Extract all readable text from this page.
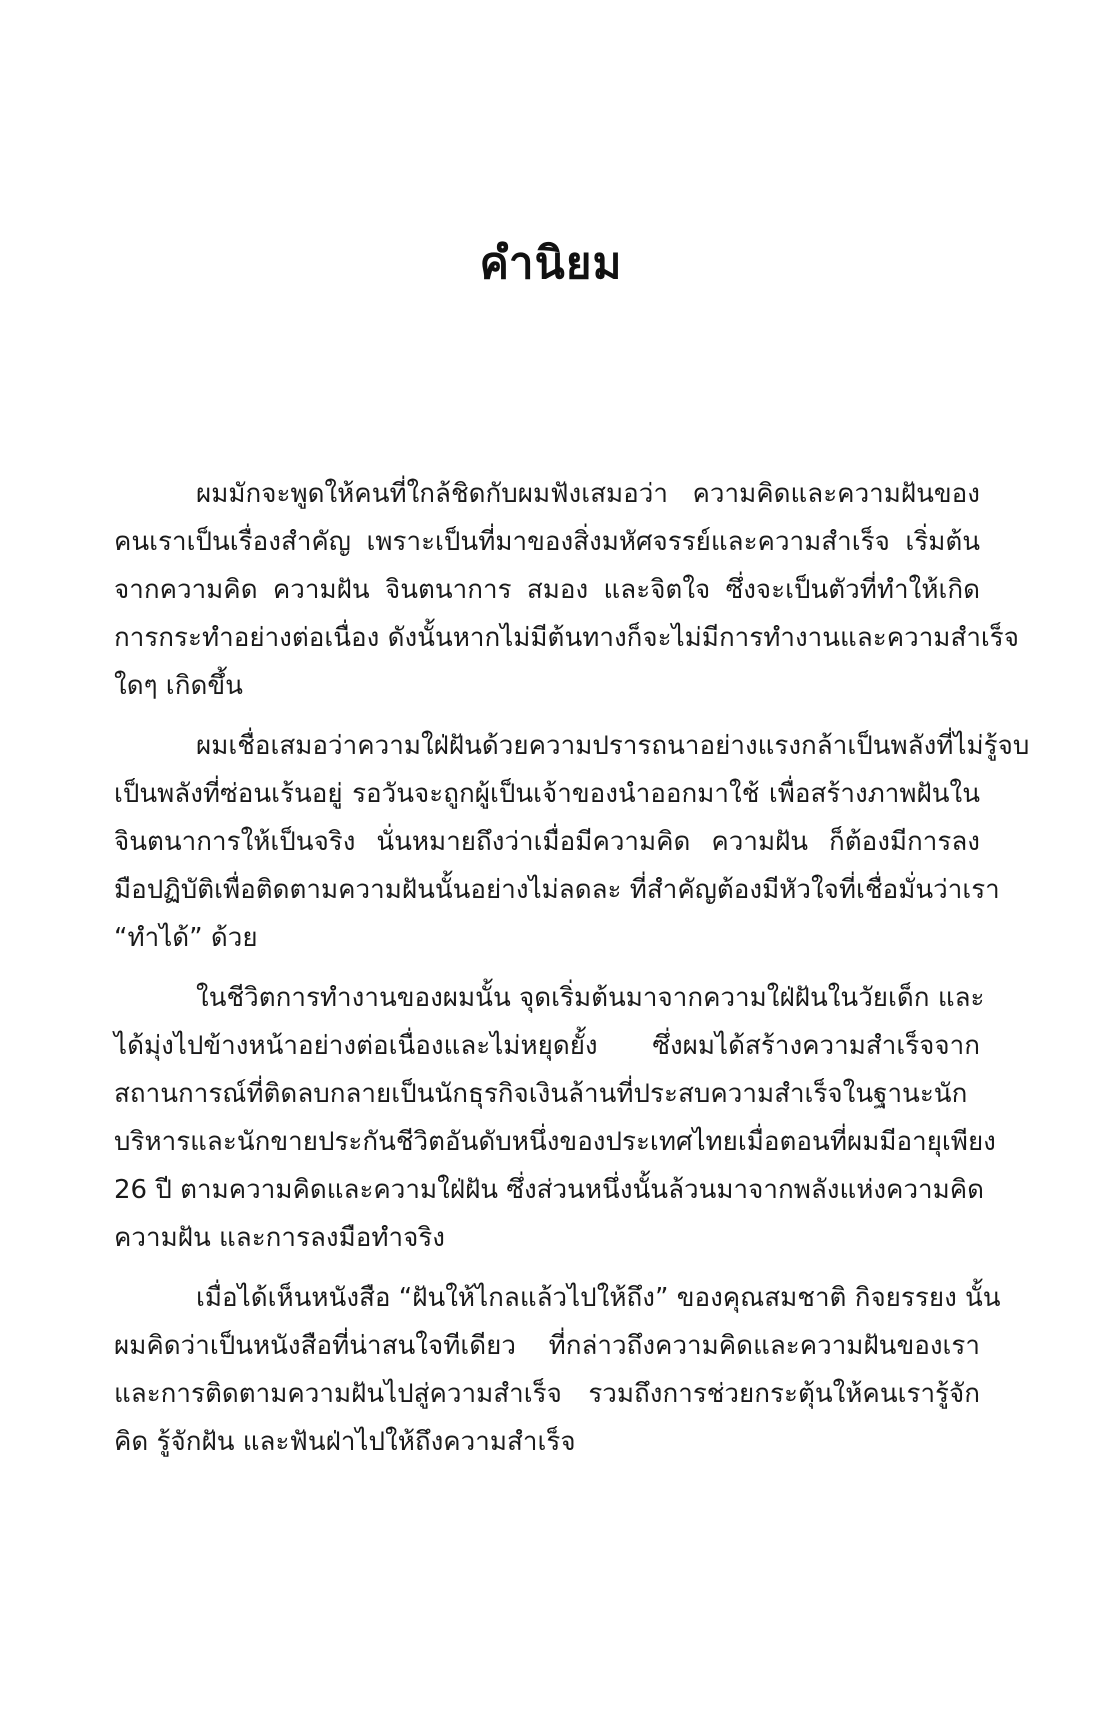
คำนิยม
ผมมักจะพูดให้คนที่ใกล้ชิดกับผมฟังเสมอว่า ความคิดและความฝันของ
คนเราเป็นเรื่องสำคัญ เพราะเป็นที่มาของสิ่งมหัศจรรย์และความสำเร็จ เริ่มต้น
จากความคิด ความฝัน จินตนาการ สมอง และจิตใจ ซึ่งจะเป็นตัวที่ทำให้เกิด
การกระทำอย่างต่อเนื่อง ดังนั้นหากไม่มีต้นทางก็จะไม่มีการทำงานและความสำเร็จ
ใดๆ เกิดขึ้น
ผมเชื่อเสมอว่าความใฝ่ฝันด้วยความปรารถนาอย่างแรงกล้าเป็นพลังที่ไม่รู้จบ
เป็นพลังที่ซ่อนเร้นอยู่ รอวันจะถูกผู้เป็นเจ้าของนำออกมาใช้ เพื่อสร้างภาพฝันใน
จินตนาการให้เป็นจริง นั่นหมายถึงว่าเมื่อมีความคิด ความฝัน ก็ต้องมีการลง
มือปฏิบัติเพื่อติดตามความฝันนั้นอย่างไม่ลดละ ที่สำคัญต้องมีหัวใจที่เชื่อมั่นว่าเรา
“ทำได้” ด้วย
ในชีวิตการทำงานของผมนั้น จุดเริ่มต้นมาจากความใฝ่ฝันในวัยเด็ก และ
ได้มุ่งไปข้างหน้าอย่างต่อเนื่องและไม่หยุดยั้ง ซึ่งผมได้สร้างความสำเร็จจาก
สถานการณ์ที่ติดลบกลายเป็นนักธุรกิจเงินล้านที่ประสบความสำเร็จในฐานะนัก
บริหารและนักขายประกันชีวิตอันดับหนึ่งของประเทศไทยเมื่อตอนที่ผมมีอายุเพียง
26 ปี ตามความคิดและความใฝ่ฝัน ซึ่งส่วนหนึ่งนั้นล้วนมาจากพลังแห่งความคิด
ความฝัน และการลงมือทำจริง
เมื่อได้เห็นหนังสือ “ฝันให้ไกลแล้วไปให้ถึง” ของคุณสมชาติ กิจยรรยง นั้น
ผมคิดว่าเป็นหนังสือที่น่าสนใจทีเดียว ที่กล่าวถึงความคิดและความฝันของเรา
และการติดตามความฝันไปสู่ความสำเร็จ รวมถึงการช่วยกระตุ้นให้คนเรารู้จัก
คิด รู้จักฝัน และฟันฝ่าไปให้ถึงความสำเร็จ
